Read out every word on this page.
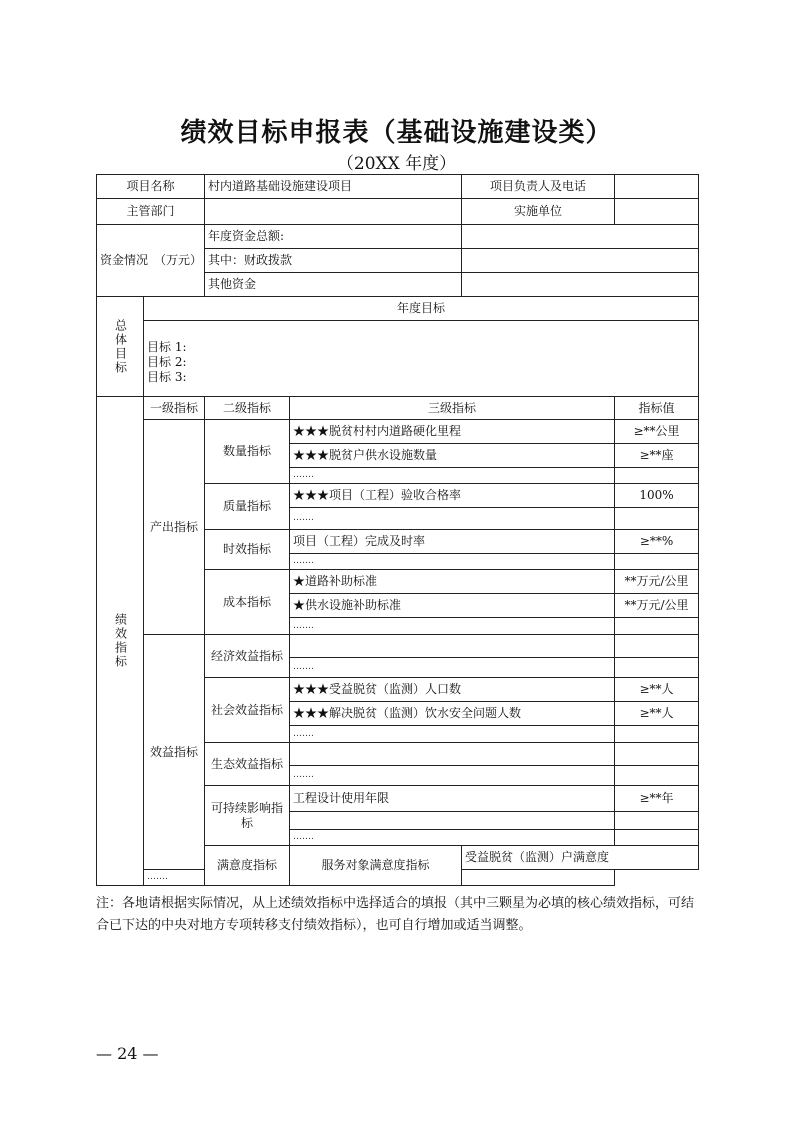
绩效目标申报表（基础设施建设类）
（20XX 年度）
项目名称		村内道路基础设施建设项目		项目负责人及电话		
主管部门				实施单位		
资金情况　（万元）		年度资金总额:				
		其中：财政拨款				
		其他资金				

总体目标	年度目标					

	目标 1:
目标 2:
目标 3:					

绩效指标	一级指标	二级指标	三级指标		指标值	
	产出指标	数量指标	★★★脱贫村村内道路硬化里程		≥**公里	
			★★★脱贫户供水设施数量		≥**座	
			…….			
		质量指标	★★★项目（工程）验收合格率		100%	
			…….			
		时效指标	项目（工程）完成及时率		≥**%	
			…….			
		成本指标	★道路补助标准		**万元/公里	
			★供水设施补助标准		**万元/公里	
			…….			
	效益指标	经济效益指标				
			…….			
		社会效益指标	★★★受益脱贫（监测）人口数		≥**人	
			★★★解决脱贫（监测）饮水安全问题人数		≥**人	
			…….			
		生态效益指标				
			…….			
		可持续影响指标	工程设计使用年限		≥**年	

			…….			
		满意度指标	服务对象满意度指标	受益脱贫（监测）户满意度	
	…….					
注：各地请根据实际情况，从上述绩效指标中选择适合的填报（其中三颗星为必填的核心绩效指标，可结合已下达的中央对地方专项转移支付绩效指标），也可自行增加或适当调整。
— 24 —
